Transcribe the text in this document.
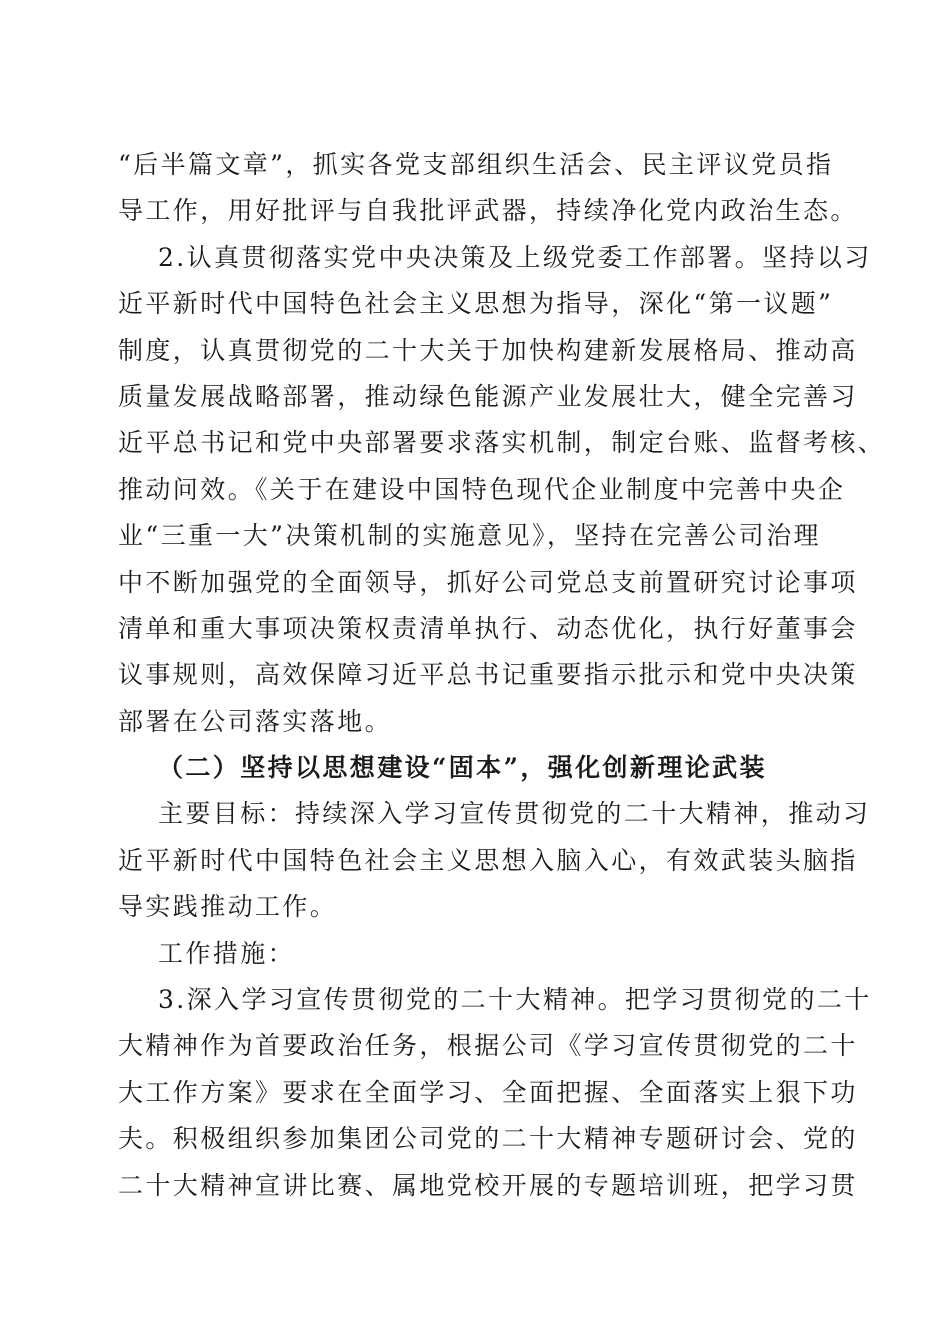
“后半篇文章”，抓实各党支部组织生活会、民主评议党员指
导工作，用好批评与自我批评武器，持续净化党内政治生态。
2.认真贯彻落实党中央决策及上级党委工作部署。坚持以习
近平新时代中国特色社会主义思想为指导，深化“第一议题”
制度，认真贯彻党的二十大关于加快构建新发展格局、推动高
质量发展战略部署，推动绿色能源产业发展壮大，健全完善习
近平总书记和党中央部署要求落实机制，制定台账、监督考核、
推动问效。《关于在建设中国特色现代企业制度中完善中央企
业“三重一大”决策机制的实施意见》，坚持在完善公司治理
中不断加强党的全面领导，抓好公司党总支前置研究讨论事项
清单和重大事项决策权责清单执行、动态优化，执行好董事会
议事规则，高效保障习近平总书记重要指示批示和党中央决策
部署在公司落实落地。
（二）坚持以思想建设“固本”，强化创新理论武装
主要目标：持续深入学习宣传贯彻党的二十大精神，推动习
近平新时代中国特色社会主义思想入脑入心，有效武装头脑指
导实践推动工作。
工作措施：
3.深入学习宣传贯彻党的二十大精神。把学习贯彻党的二十
大精神作为首要政治任务，根据公司《学习宣传贯彻党的二十
大工作方案》要求在全面学习、全面把握、全面落实上狠下功
夫。积极组织参加集团公司党的二十大精神专题研讨会、党的
二十大精神宣讲比赛、属地党校开展的专题培训班，把学习贯
